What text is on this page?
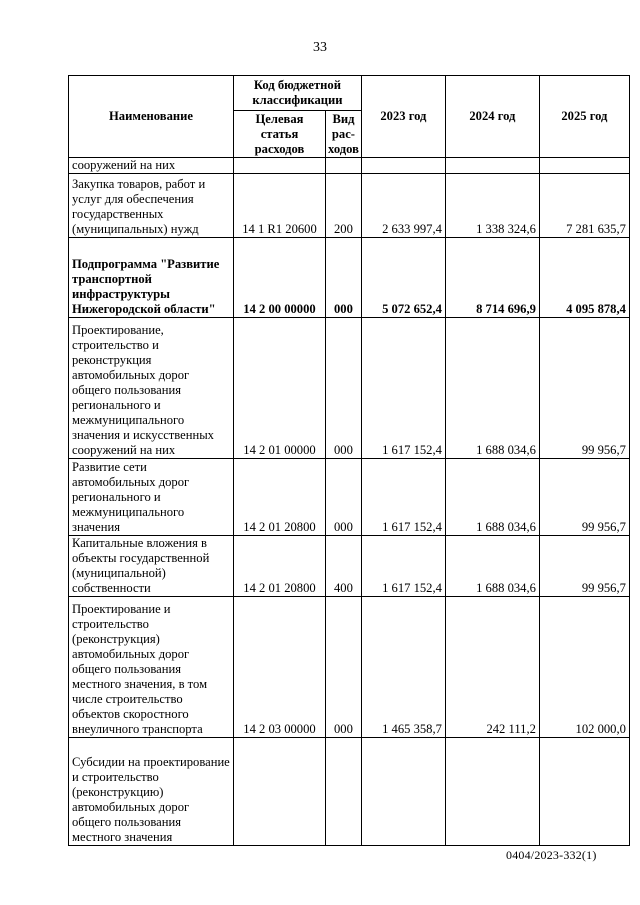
33
Наименование	Код бюджетной классификации		2023 год	2024 год	2025 год
	Целевая статья расходов	Вид рас-ходов			
сооружений на них					
Закупка товаров, работ и услуг для обеспечения государственных (муниципальных) нужд	14 1 R1 20600	200	2 633 997,4	1 338 324,6	7 281 635,7
Подпрограмма "Развитие транспортной инфраструктуры Нижегородской области"	14 2 00 00000	000	5 072 652,4	8 714 696,9	4 095 878,4
Проектирование, строительство и реконструкция автомобильных дорог общего пользования регионального и межмуниципального значения и искусственных сооружений на них	14 2 01 00000	000	1 617 152,4	1 688 034,6	99 956,7
Развитие сети автомобильных дорог регионального и межмуниципального значения	14 2 01 20800	000	1 617 152,4	1 688 034,6	99 956,7
Капитальные вложения в объекты государственной (муниципальной) собственности	14 2 01 20800	400	1 617 152,4	1 688 034,6	99 956,7
Проектирование и строительство (реконструкция) автомобильных дорог общего пользования местного значения, в том числе строительство объектов скоростного внеуличного транспорта	14 2 03 00000	000	1 465 358,7	242 111,2	102 000,0
Субсидии на проектирование и строительство (реконструкцию) автомобильных дорог общего пользования местного значения					
0404/2023-332(1)
